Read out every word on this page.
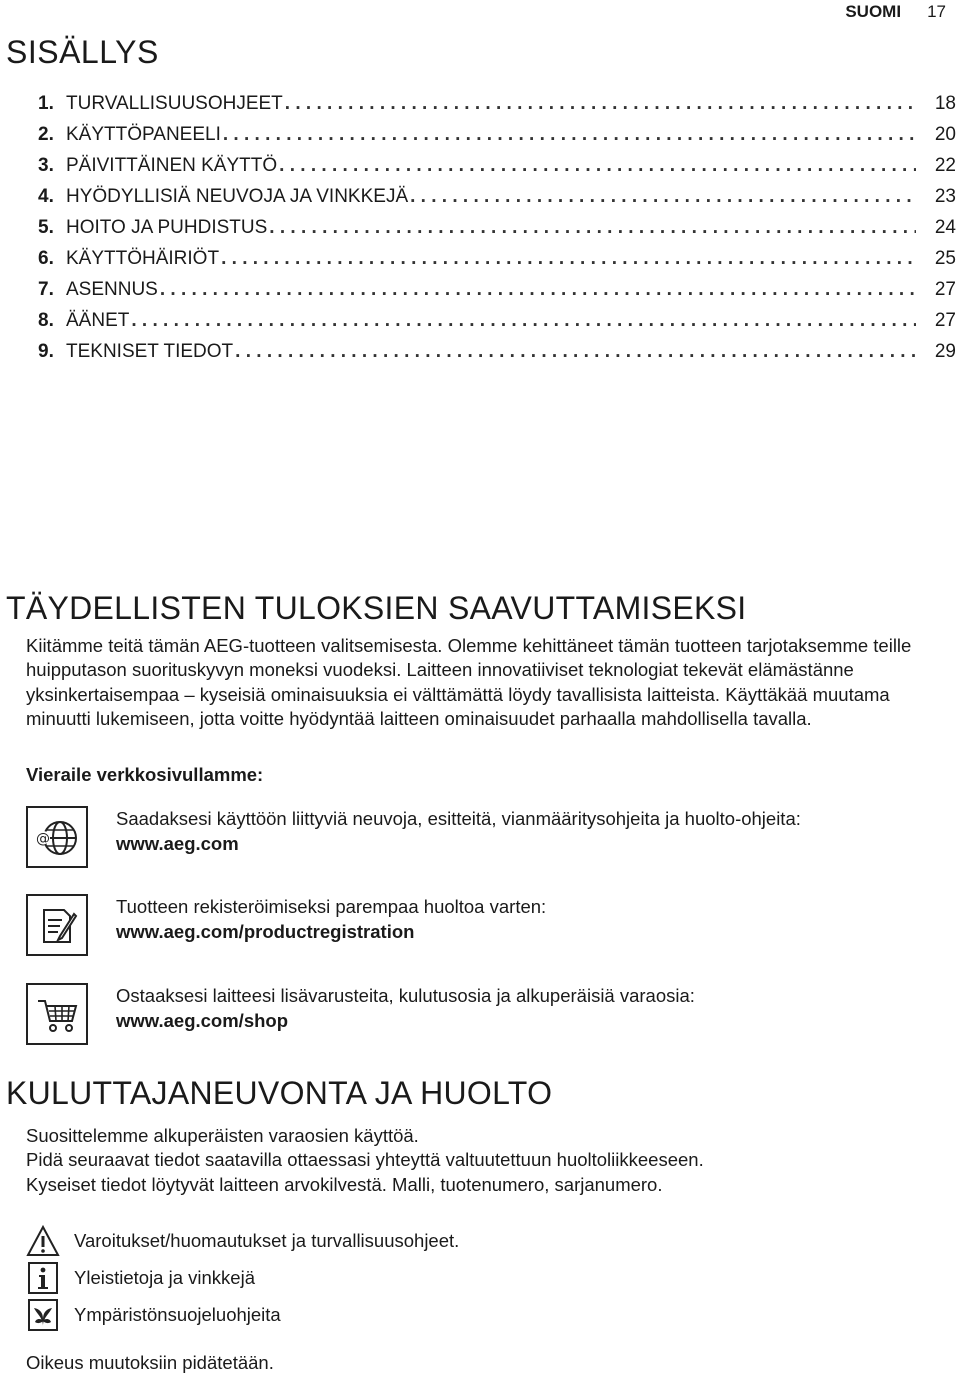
SUOMI 17
SISÄLLYS
1. TURVALLISUUSOHJEET . . .	18
2. KÄYTTÖPANEELI . . .	20
3. PÄIVITTÄINEN KÄYTTÖ . . .	22
4. HYÖDYLLISIÄ NEUVOJA JA VINKKEJÄ . . .	23
5. HOITO JA PUHDISTUS . . .	24
6. KÄYTTÖHÄIRIÖT . . .	25
7. ASENNUS . . .	27
8. ÄÄNET . . .	27
9. TEKNISET TIEDOT . . .	29
TÄYDELLISTEN TULOKSIEN SAAVUTTAMISEKSI

Kiitämme teitä tämän AEG-tuotteen valitsemisesta. Olemme kehittäneet tämän tuotteen tarjotaksemme teille huipputason suorituskyvyn moneksi vuodeksi. Laitteen innovatiiviset teknologiat tekevät elämästänne yksinkertaisempaa – kyseisiä ominaisuuksia ei välttämättä löydy tavallisista laitteista. Käyttäkää muutama minuutti lukemiseen, jotta voitte hyödyntää laitteen ominaisuudet parhaalla mahdollisella tavalla.

Vieraile verkkosivullamme:

@
Saadaksesi käyttöön liittyviä neuvoja, esitteitä, vianmääritysohjeita ja huolto-ohjeita:
www.aeg.com
Tuotteen rekisteröimiseksi parempaa huoltoa varten:
www.aeg.com/productregistration
Ostaaksesi laitteesi lisävarusteita, kulutusosia ja alkuperäisiä varaosia:
www.aeg.com/shop
KULUTTAJANEUVONTA JA HUOLTO

Suosittelemme alkuperäisten varaosien käyttöä.

Pidä seuraavat tiedot saatavilla ottaessasi yhteyttä valtuutettuun huoltoliikkeeseen.

Kyseiset tiedot löytyvät laitteen arvokilvestä. Malli, tuotenumero, sarjanumero.

Varoitukset/huomautukset ja turvallisuusohjeet.
Yleistietoja ja vinkkejä
Ympäristönsuojeluohjeita

Oikeus muutoksiin pidätetään.
